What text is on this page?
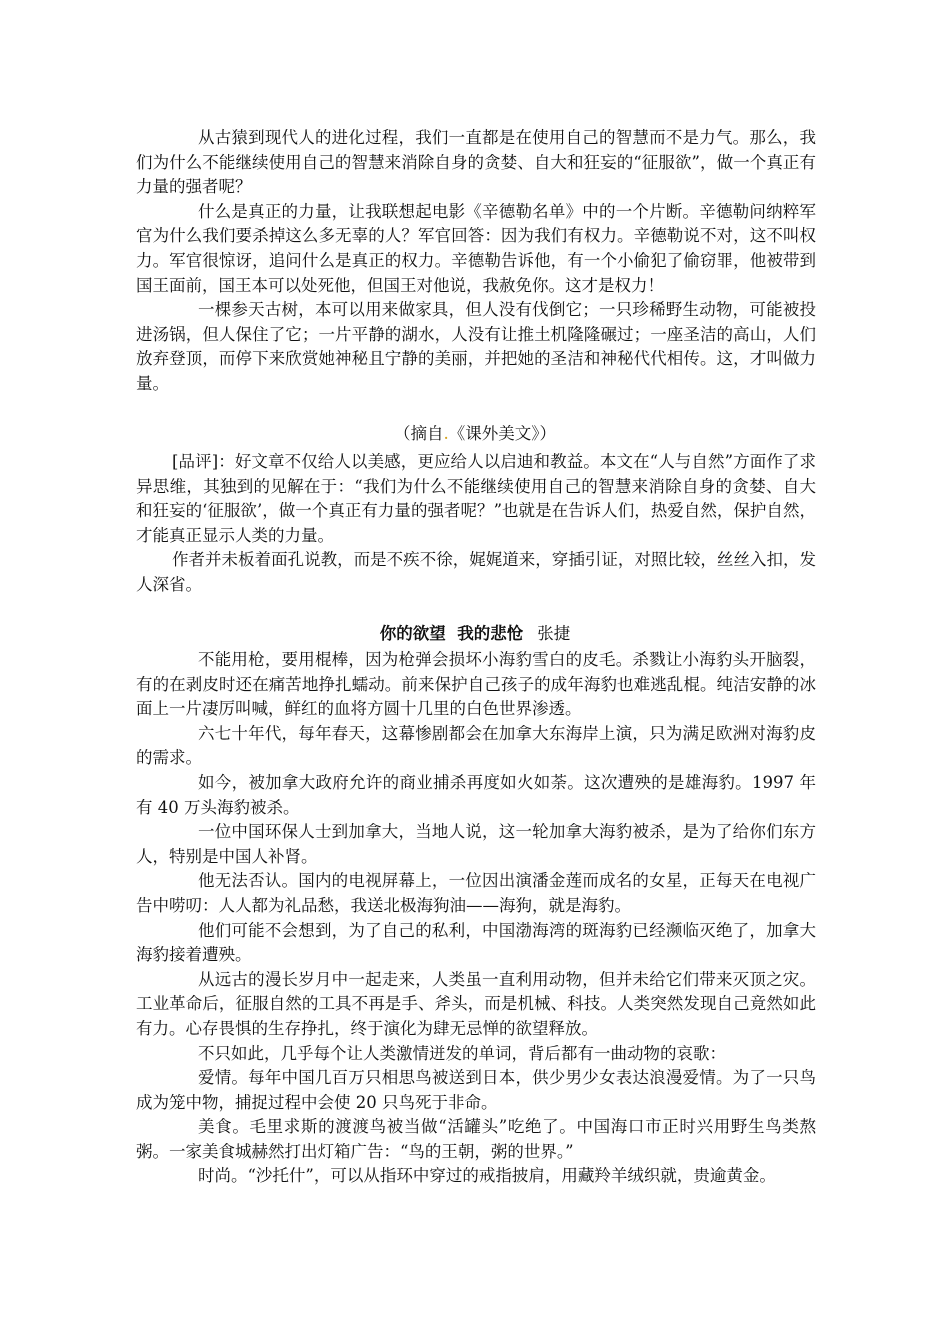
从古猿到现代人的进化过程，我们一直都是在使用自己的智慧而不是力气。那么，我们为什么不能继续使用自己的智慧来消除自身的贪婪、自大和狂妄的“征服欲”，做一个真正有力量的强者呢？

什么是真正的力量，让我联想起电影《辛德勒名单》中的一个片断。辛德勒问纳粹军官为什么我们要杀掉这么多无辜的人？军官回答：因为我们有权力。辛德勒说不对，这不叫权力。军官很惊讶，追问什么是真正的权力。辛德勒告诉他，有一个小偷犯了偷窃罪，他被带到国王面前，国王本可以处死他，但国王对他说，我赦免你。这才是权力！

一棵参天古树，本可以用来做家具，但人没有伐倒它；一只珍稀野生动物，可能被投进汤锅，但人保住了它；一片平静的湖水，人没有让推土机隆隆碾过；一座圣洁的高山，人们放弃登顶，而停下来欣赏她神秘且宁静的美丽，并把她的圣洁和神秘代代相传。这，才叫做力量。

（摘自.《课外美文》）

[品评]：好文章不仅给人以美感，更应给人以启迪和教益。本文在“人与自然”方面作了求异思维，其独到的见解在于：“我们为什么不能继续使用自己的智慧来消除自身的贪婪、自大和狂妄的‘征服欲’，做一个真正有力量的强者呢？”也就是在告诉人们，热爱自然，保护自然，才能真正显示人类的力量。

作者并未板着面孔说教，而是不疾不徐，娓娓道来，穿插引证，对照比较，丝丝入扣，发人深省。

你的欲望  我的悲怆 张捷

不能用枪，要用棍棒，因为枪弹会损坏小海豹雪白的皮毛。杀戮让小海豹头开脑裂，有的在剥皮时还在痛苦地挣扎蠕动。前来保护自己孩子的成年海豹也难逃乱棍。纯洁安静的冰面上一片凄厉叫喊，鲜红的血将方圆十几里的白色世界渗透。

六七十年代，每年春天，这幕惨剧都会在加拿大东海岸上演，只为满足欧洲对海豹皮的需求。

如今，被加拿大政府允许的商业捕杀再度如火如荼。这次遭殃的是雄海豹。1997 年有 40 万头海豹被杀。

一位中国环保人士到加拿大，当地人说，这一轮加拿大海豹被杀，是为了给你们东方人，特别是中国人补肾。

他无法否认。国内的电视屏幕上，一位因出演潘金莲而成名的女星，正每天在电视广告中唠叨：人人都为礼品愁，我送北极海狗油——海狗，就是海豹。

他们可能不会想到，为了自己的私利，中国渤海湾的斑海豹已经濒临灭绝了，加拿大海豹接着遭殃。

从远古的漫长岁月中一起走来，人类虽一直利用动物，但并未给它们带来灭顶之灾。工业革命后，征服自然的工具不再是手、斧头，而是机械、科技。人类突然发现自己竟然如此有力。心存畏惧的生存挣扎，终于演化为肆无忌惮的欲望释放。

不只如此，几乎每个让人类激情迸发的单词，背后都有一曲动物的哀歌：

爱情。每年中国几百万只相思鸟被送到日本，供少男少女表达浪漫爱情。为了一只鸟成为笼中物，捕捉过程中会使 20 只鸟死于非命。

美食。毛里求斯的渡渡鸟被当做“活罐头”吃绝了。中国海口市正时兴用野生鸟类熬粥。一家美食城赫然打出灯箱广告：“鸟的王朝，粥的世界。”

时尚。“沙托什”，可以从指环中穿过的戒指披肩，用藏羚羊绒织就，贵逾黄金。
